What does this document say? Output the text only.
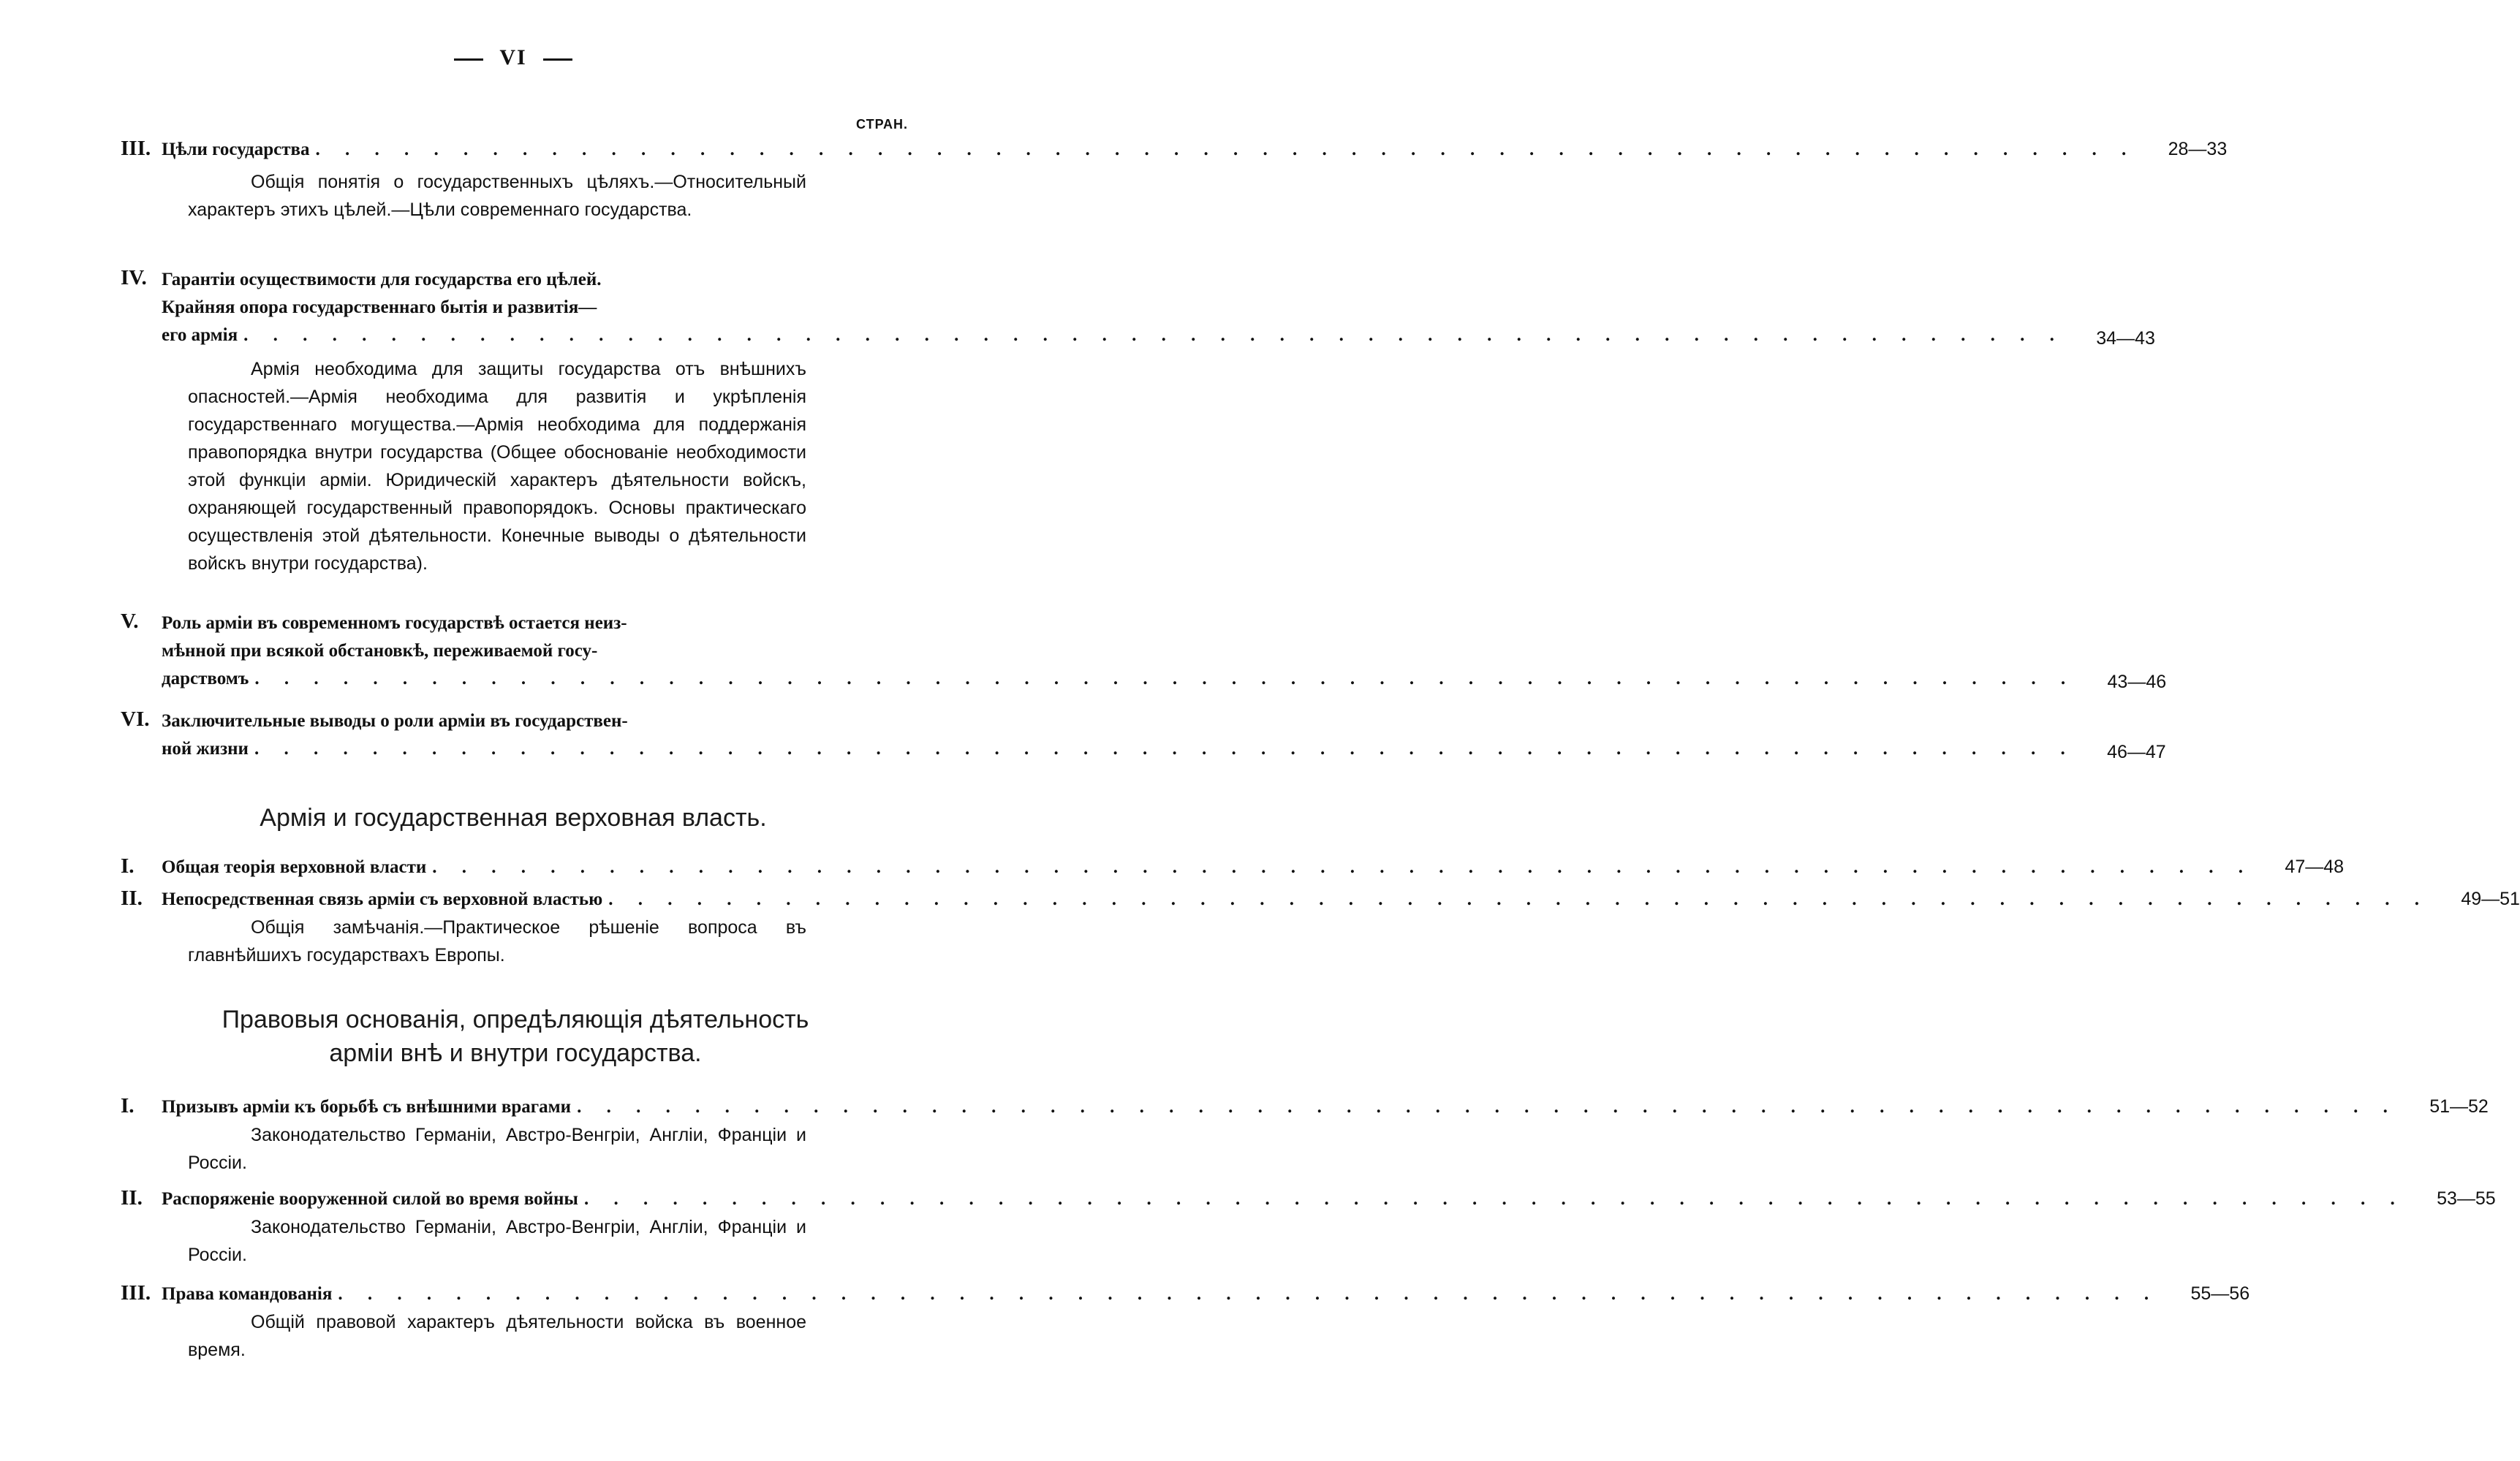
VI
СТРАН.
III. Цѣли государства . . .	28—33
Общія понятія о государственныхъ цѣляхъ.—Относительный характеръ этихъ цѣлей.—Цѣли современнаго государства.
IV. Гарантіи осуществимости для государства его цѣлей.
Крайняя опора государственнаго бытія и развитія—
его армія . . .	34—43
Армія необходима для защиты государства отъ внѣшнихъ опасностей.—Армія необходима для развитія и укрѣпленія государственнаго могущества.—Армія необходима для поддержанія правопорядка внутри государства (Общее обоснованіе необходимости этой функціи арміи. Юридическій характеръ дѣятельности войскъ, охраняющей государственный правопорядокъ. Основы практическаго осуществленія этой дѣятельности. Конечные выводы о дѣятельности войскъ внутри государства).
V.	Роль арміи въ современномъ государствѣ остается неиз-
мѣнной при всякой обстановкѣ, переживаемой госу-
дарствомъ . . .	43—46
VI. Заключительные выводы о роли арміи въ государствен-
ной жизни . . .	46—47
Армія и государственная верховная власть.
I.	Общая теорія верховной власти . . .	47—48
II.	Непосредственная связь арміи съ верховной властью . . .	49—51
Общія замѣчанія.—Практическое рѣшеніе вопроса въ главнѣйшихъ государствахъ Европы.
Правовыя основанія, опредѣляющія дѣятельность
арміи внѣ и внутри государства.
I.	Призывъ арміи къ борьбѣ съ внѣшними врагами . . .	51—52
Законодательство Германіи, Австро-Венгріи, Англіи, Франціи и Россіи.
II.	Распоряженіе вооруженной силой во время войны . . .	53—55
Законодательство Германіи, Австро-Венгріи, Англіи, Франціи и Россіи.
III. Права командованія . . .	55—56
Общій правовой характеръ дѣятельности войска въ военное время.
